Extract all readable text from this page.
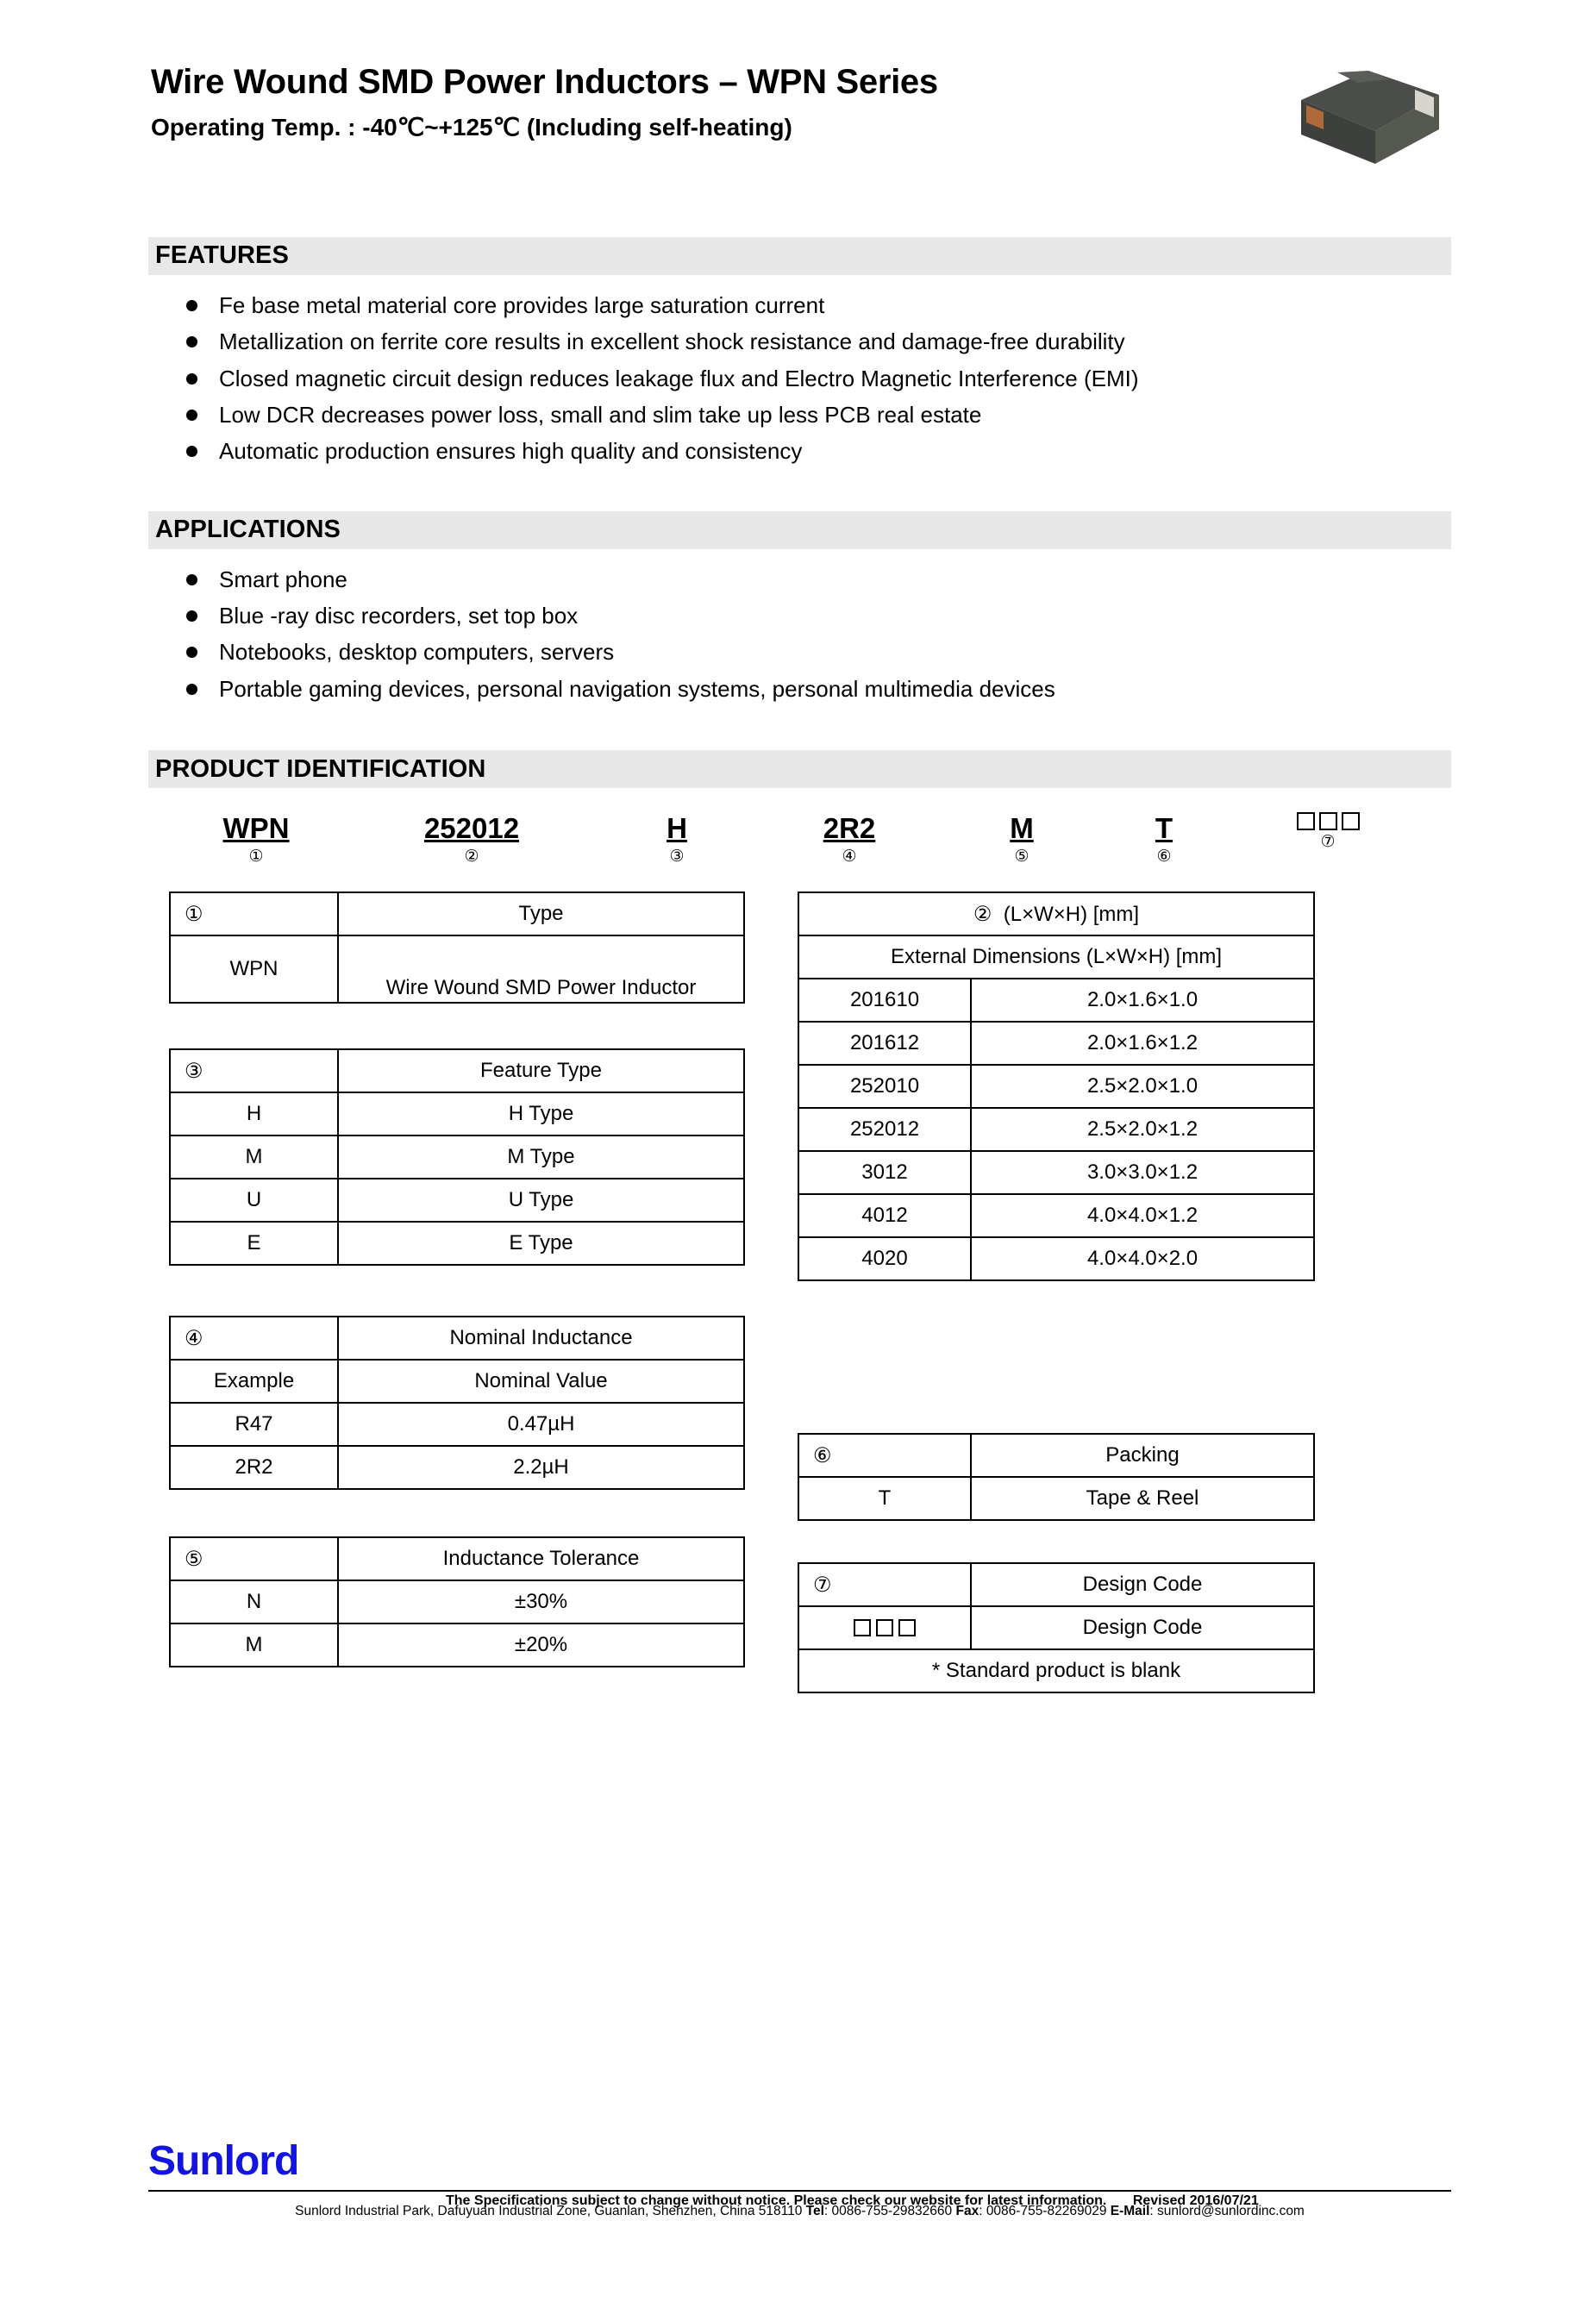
Wire Wound SMD Power Inductors – WPN Series
Operating Temp. : -40℃~+125℃ (Including self-heating)
FEATURES
Fe base metal material core provides large saturation current
Metallization on ferrite core results in excellent shock resistance and damage-free durability
Closed magnetic circuit design reduces leakage flux and Electro Magnetic Interference (EMI)
Low DCR decreases power loss, small and slim take up less PCB real estate
Automatic production ensures high quality and consistency
APPLICATIONS
Smart phone
Blue -ray disc recorders, set top box
Notebooks, desktop computers, servers
Portable gaming devices, personal navigation systems, personal multimedia devices
PRODUCT IDENTIFICATION
WPN
①
252012
②
H
③
2R2
④
M
⑤
T
⑥
⑦
①	Type
WPN	Wire Wound SMD Power Inductor
③	Feature Type
H	H Type
M	M Type
U	U Type
E	E Type
④	Nominal Inductance
Example	Nominal Value
R47	0.47µH
2R2	2.2µH
⑤	Inductance Tolerance
N	±30%
M	±20%
② (L×W×H) [mm]	
External Dimensions (L×W×H) [mm]	
201610	2.0×1.6×1.0
201612	2.0×1.6×1.2
252010	2.5×2.0×1.0
252012	2.5×2.0×1.2
3012	3.0×3.0×1.2
4012	4.0×4.0×1.2
4020	4.0×4.0×2.0
⑥	Packing
T	Tape & Reel
⑦	Design Code

	Design Code
* Standard product is blank	
Sunlord
The Specifications subject to change without notice. Please check our website for latest information. Revised 2016/07/21
Sunlord Industrial Park, Dafuyuan Industrial Zone, Guanlan, Shenzhen, China 518110 Tel: 0086-755-29832660 Fax: 0086-755-82269029 E-Mail: sunlord@sunlordinc.com
